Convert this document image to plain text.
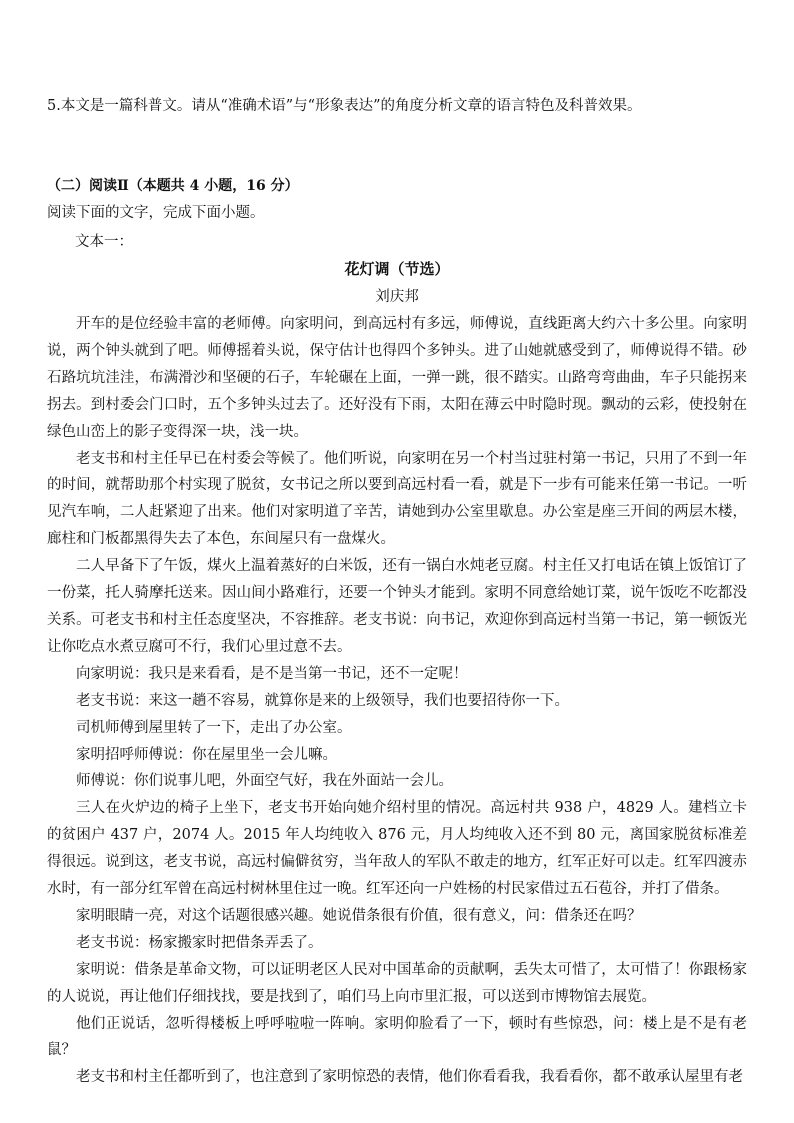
5.本文是一篇科普文。请从“准确术语”与“形象表达”的角度分析文章的语言特色及科普效果。
（二）阅读Ⅱ（本题共 4 小题，16 分）
阅读下面的文字，完成下面小题。
文本一：
花灯调（节选）
刘庆邦

开车的是位经验丰富的老师傅。向家明问，到高远村有多远，师傅说，直线距离大约六十多公里。向家明说，两个钟头就到了吧。师傅摇着头说，保守估计也得四个多钟头。进了山她就感受到了，师傅说得不错。砂石路坑坑洼洼，布满滑沙和坚硬的石子，车轮碾在上面，一弹一跳，很不踏实。山路弯弯曲曲，车子只能拐来拐去。到村委会门口时，五个多钟头过去了。还好没有下雨，太阳在薄云中时隐时现。飘动的云彩，使投射在绿色山峦上的影子变得深一块，浅一块。

老支书和村主任早已在村委会等候了。他们听说，向家明在另一个村当过驻村第一书记，只用了不到一年的时间，就帮助那个村实现了脱贫，女书记之所以要到高远村看一看，就是下一步有可能来任第一书记。一听见汽车响，二人赶紧迎了出来。他们对家明道了辛苦，请她到办公室里歇息。办公室是座三开间的两层木楼，廊柱和门板都黑得失去了本色，东间屋只有一盘煤火。

二人早备下了午饭，煤火上温着蒸好的白米饭，还有一锅白水炖老豆腐。村主任又打电话在镇上饭馆订了一份菜，托人骑摩托送来。因山间小路难行，还要一个钟头才能到。家明不同意给她订菜，说午饭吃不吃都没关系。可老支书和村主任态度坚决，不容推辞。老支书说：向书记，欢迎你到高远村当第一书记，第一顿饭光让你吃点水煮豆腐可不行，我们心里过意不去。

向家明说：我只是来看看，是不是当第一书记，还不一定呢！

老支书说：来这一趟不容易，就算你是来的上级领导，我们也要招待你一下。

司机师傅到屋里转了一下，走出了办公室。

家明招呼师傅说：你在屋里坐一会儿嘛。

师傅说：你们说事儿吧，外面空气好，我在外面站一会儿。

三人在火炉边的椅子上坐下，老支书开始向她介绍村里的情况。高远村共 938 户，4829 人。建档立卡的贫困户 437 户，2074 人。2015 年人均纯收入 876 元，月人均纯收入还不到 80 元，离国家脱贫标准差得很远。说到这，老支书说，高远村偏僻贫穷，当年敌人的军队不敢走的地方，红军正好可以走。红军四渡赤水时，有一部分红军曾在高远村树林里住过一晚。红军还向一户姓杨的村民家借过五石苞谷，并打了借条。

家明眼睛一亮，对这个话题很感兴趣。她说借条很有价值，很有意义，问：借条还在吗？

老支书说：杨家搬家时把借条弄丢了。

家明说：借条是革命文物，可以证明老区人民对中国革命的贡献啊，丢失太可惜了，太可惜了！你跟杨家的人说说，再让他们仔细找找，要是找到了，咱们马上向市里汇报，可以送到市博物馆去展览。

他们正说话，忽听得楼板上呼呼啦啦一阵响。家明仰脸看了一下，顿时有些惊恐，问：楼上是不是有老鼠？

老支书和村主任都听到了，也注意到了家明惊恐的表情，他们你看看我，我看看你，都不敢承认屋里有老
